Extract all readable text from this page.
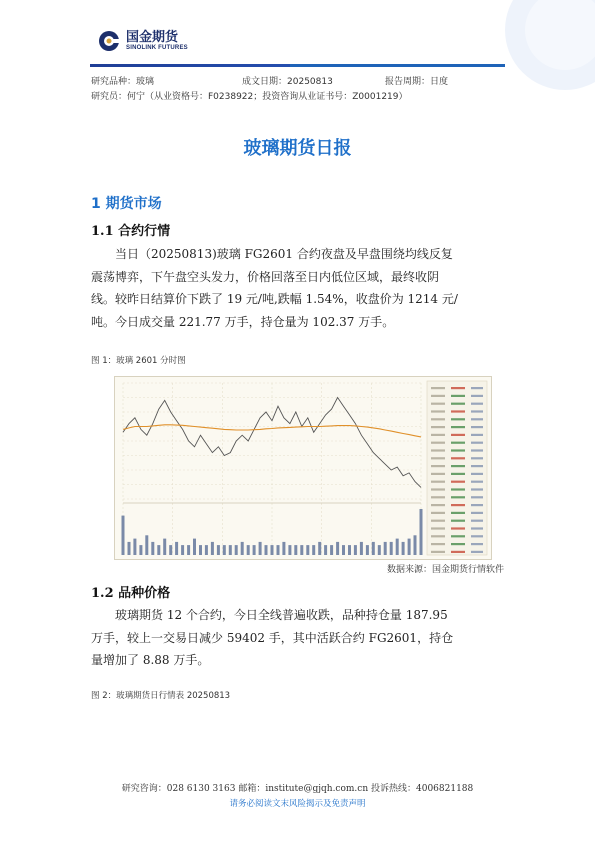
国金期货
SINOLINK FUTURES
研究品种：玻璃	成文日期：20250813	报告周期：日度
研究员：何宁（从业资格号：F0238922；投资咨询从业证书号：Z0001219）
玻璃期货日报
1 期货市场
1.1 合约行情
当日（20250813)玻璃 FG2601 合约夜盘及早盘围绕均线反复
震荡博弈，下午盘空头发力，价格回落至日内低位区域，最终收阴
线。较昨日结算价下跌了 19 元/吨,跌幅 1.54%，收盘价为 1214 元/
吨。今日成交量 221.77 万手，持仓量为 102.37 万手。
图 1：玻璃 2601 分时图
数据来源：国金期货行情软件
1.2 品种价格
玻璃期货 12 个合约，今日全线普遍收跌，品种持仓量 187.95
万手，较上一交易日减少 59402 手，其中活跃合约 FG2601，持仓
量增加了 8.88 万手。
图 2：玻璃期货日行情表 20250813
研究咨询：028 6130 3163 邮箱：institute@gjqh.com.cn 投诉热线：4006821188
请务必阅读文末风险揭示及免责声明
